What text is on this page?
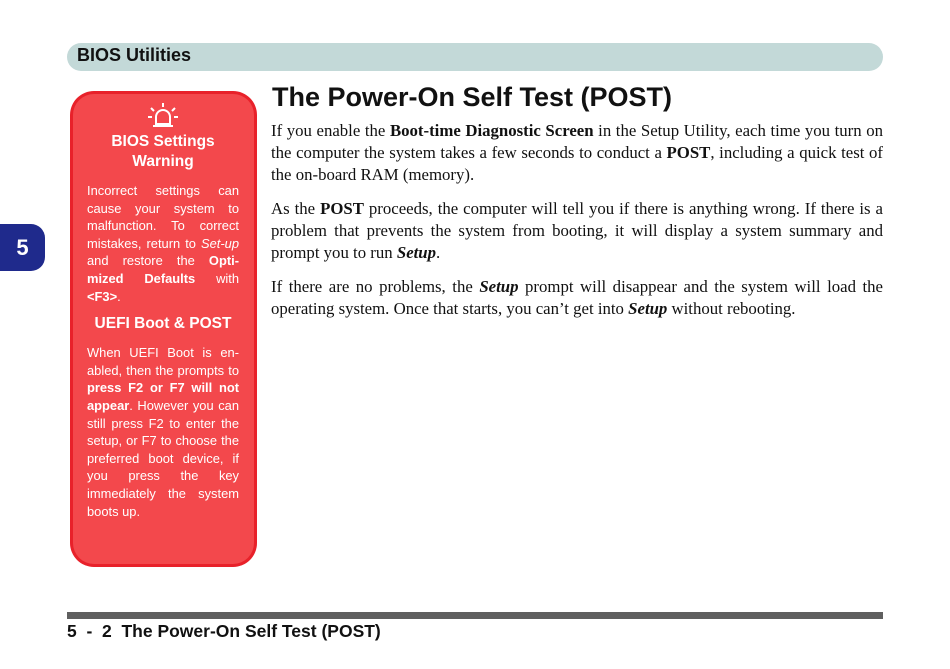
BIOS Utilities
5
BIOS Settings Warning
Incorrect settings can cause your system to malfunction. To correct mistakes, return to Set-up and restore the Opti-mized Defaults with <F3>.
UEFI Boot & POST
When UEFI Boot is en-abled, then the prompts to press F2 or F7 will not appear. However you can still press F2 to enter the setup, or F7 to choose the preferred boot device, if you press the key immediately the system boots up.
The Power-On Self Test (POST)

If you enable the Boot-time Diagnostic Screen in the Setup Utility, each time you turn on the computer the system takes a few seconds to conduct a POST, including a quick test of the on-board RAM (memory).

As the POST proceeds, the computer will tell you if there is anything wrong. If there is a problem that prevents the system from booting, it will display a system summary and prompt you to run Setup.

If there are no problems, the Setup prompt will disappear and the system will load the operating system. Once that starts, you can’t get into Setup without rebooting.

5  -  2  The Power-On Self Test (POST)
